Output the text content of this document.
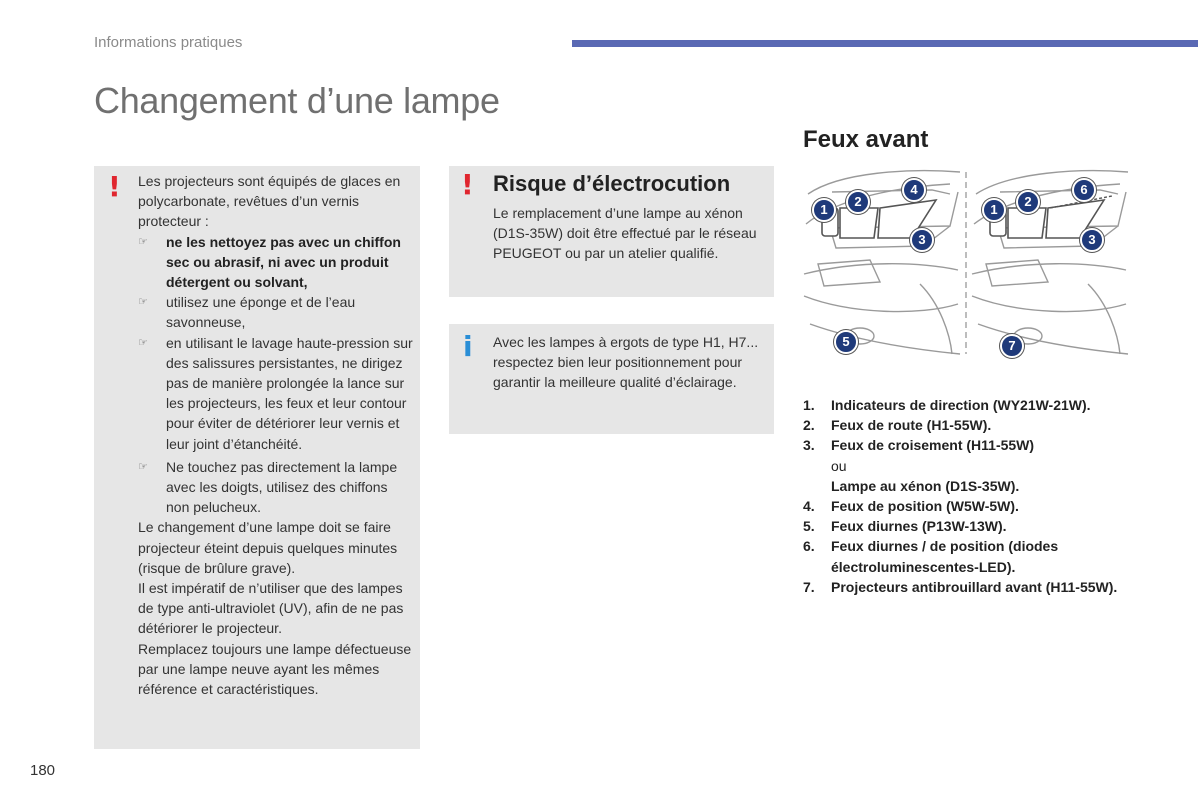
Informations pratiques
Changement d’une lampe
! Les projecteurs sont équipés de glaces en polycarbonate, revêtues d’un vernis protecteur :

☞ ne les nettoyez pas avec un chiffon sec ou abrasif, ni avec un produit détergent ou solvant,
☞ utilisez une éponge et de l’eau savonneuse,
☞ en utilisant le lavage haute-pression sur des salissures persistantes, ne dirigez pas de manière prolongée la lance sur les projecteurs, les feux et leur contour pour éviter de détériorer leur vernis et leur joint d’étanchéité.
☞ Ne touchez pas directement la lampe avec les doigts, utilisez des chiffons non pelucheux.

Le changement d’une lampe doit se faire projecteur éteint depuis quelques minutes (risque de brûlure grave).

Il est impératif de n’utiliser que des lampes de type anti-ultraviolet (UV), afin de ne pas détériorer le projecteur.

Remplacez toujours une lampe défectueuse par une lampe neuve ayant les mêmes référence et caractéristiques.

! Risque d’électrocution
Le remplacement d’une lampe au xénon (D1S-35W) doit être effectué par le réseau PEUGEOT ou par un atelier qualifié.
i Avec les lampes à ergots de type H1, H7... respectez bien leur positionnement pour garantir la meilleure qualité d’éclairage.
Feux avant
1
2
3
4
5
1
2
3
6
7
1. Indicateurs de direction (WY21W-21W).
2. Feux de route (H1-55W).
3. Feux de croisement (H11-55W)
ou
Lampe au xénon (D1S-35W).
4. Feux de position (W5W-5W).
5. Feux diurnes (P13W-13W).
6. Feux diurnes / de position (diodes électroluminescentes-LED).
7. Projecteurs antibrouillard avant (H11-55W).
180
